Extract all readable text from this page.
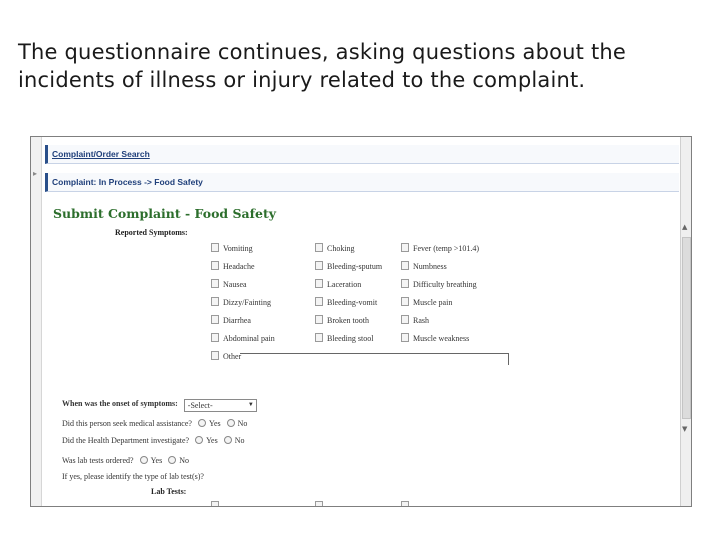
The questionnaire continues, asking questions about the incidents of illness or injury related to the complaint.
▸
▲
▼
Complaint/Order Search
Complaint: In Process -> Food Safety
Submit Complaint - Food Safety
Reported Symptoms:
Vomiting	Choking	Fever (temp >101.4)
Headache	Bleeding-sputum	Numbness
Nausea	Laceration	Difficulty breathing
Dizzy/Fainting	Bleeding-vomit	Muscle pain
Diarrhea	Broken tooth	Rash
Abdominal pain	Bleeding stool	Muscle weakness
Other
When was the onset of symptoms: -Select-	▼
Did this person seek medical assistance? Yes No
Did the Health Department investigate? Yes No
Was lab tests ordered? Yes No
If yes, please identify the type of lab test(s)?
Lab Tests:
